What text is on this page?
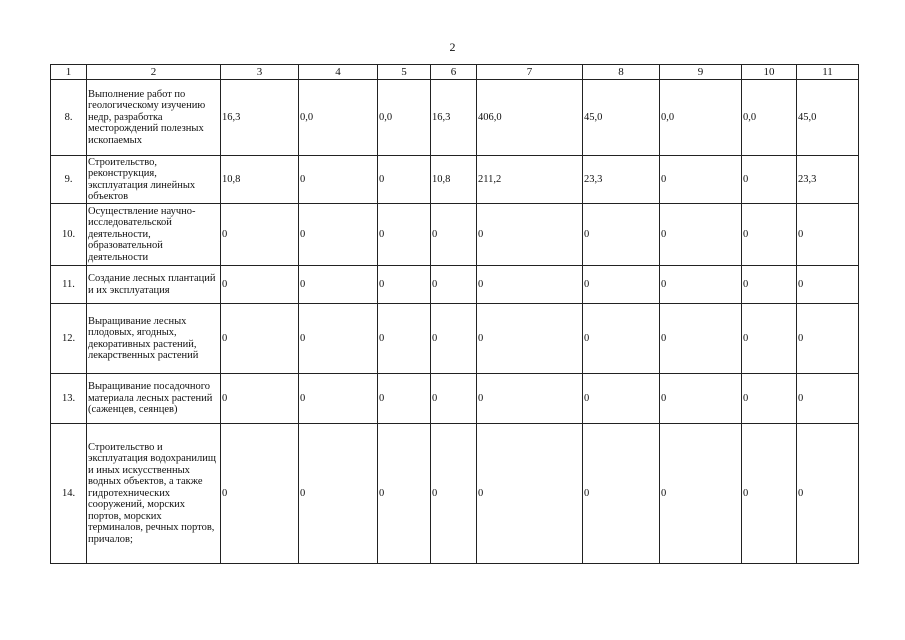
2
1	2	3	4	5	6	7	8	9	10	11
8.	Выполнение работ по геологическому изучению недр, разработка месторождений полезных ископаемых	16,3	0,0	0,0	16,3	406,0	45,0	0,0	0,0	45,0
9.	Строительство, реконструкция, эксплуатация линейных объектов	10,8	0	0	10,8	211,2	23,3	0	0	23,3
10.	Осуществление научно-исследовательской деятельности, образовательной деятельности	0	0	0	0	0	0	0	0	0
11.	Создание лесных плантаций и их эксплуатация	0	0	0	0	0	0	0	0	0
12.	Выращивание лесных плодовых, ягодных, декоративных растений, лекарственных растений	0	0	0	0	0	0	0	0	0
13.	Выращивание посадочного материала лесных растений (саженцев, сеянцев)	0	0	0	0	0	0	0	0	0
14.	Строительство и эксплуатация водохранилищ и иных искусственных водных объектов, а также гидротехнических сооружений, морских портов, морских терминалов, речных портов, причалов;	0	0	0	0	0	0	0	0	0
